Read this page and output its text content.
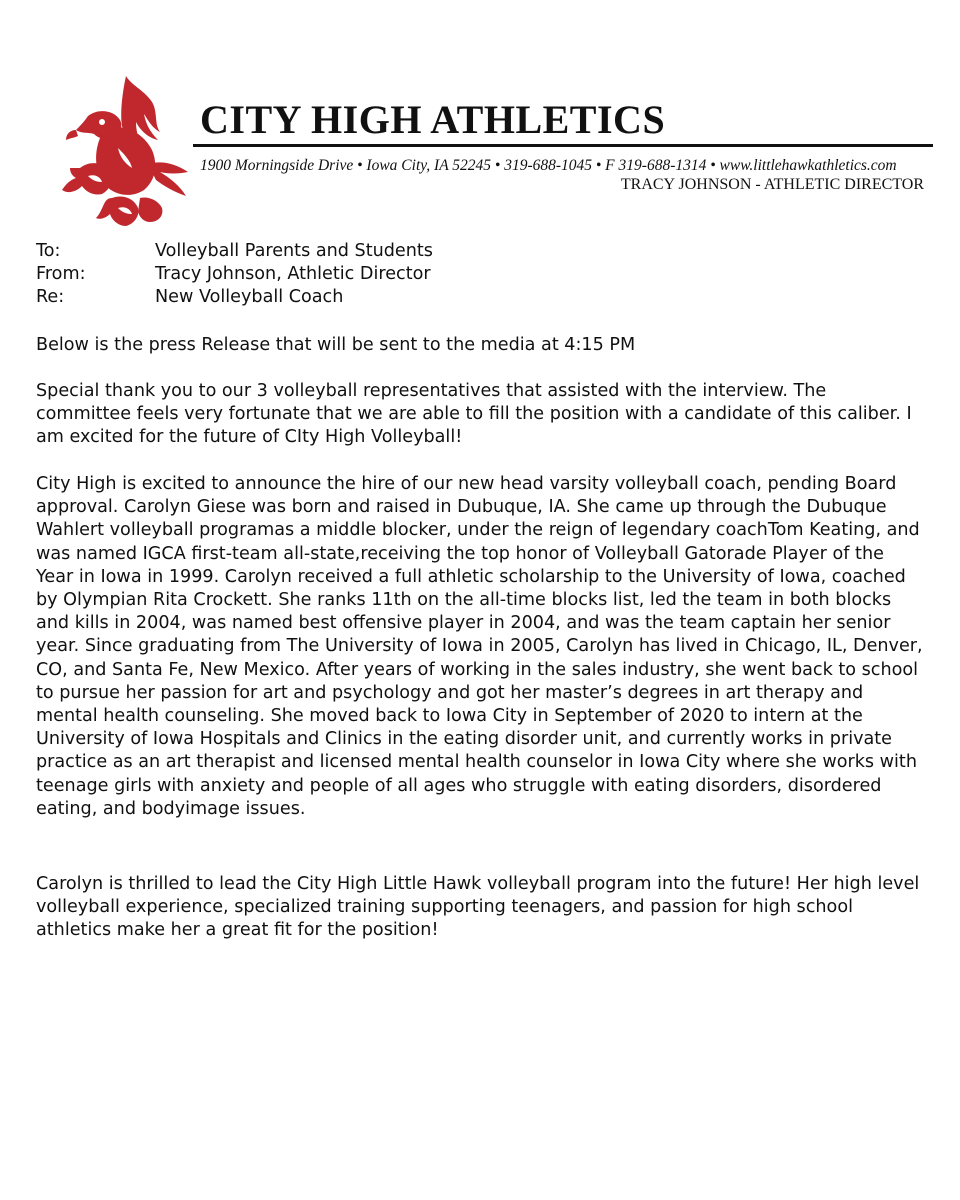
CITY HIGH ATHLETICS
1900 Morningside Drive • Iowa City, IA 52245 • 319-688-1045 • F 319-688-1314 • www.littlehawkathletics.com
TRACY JOHNSON - ATHLETIC DIRECTOR
To:	Volleyball Parents and Students
From:	Tracy Johnson, Athletic Director
Re:	New Volleyball Coach

Below is the press Release that will be sent to the media at 4:15 PM

Special thank you to our 3 volleyball representatives that assisted with the interview. The committee feels very fortunate that we are able to fill the position with a candidate of this caliber. I am excited for the future of CIty High Volleyball!

City High is excited to announce the hire of our new head varsity volleyball coach, pending Board approval. Carolyn Giese was born and raised in Dubuque, IA. She came up through the Dubuque Wahlert volleyball programas a middle blocker, under the reign of legendary coachTom Keating, and was named IGCA first-team all-state,receiving the top honor of Volleyball Gatorade Player of the Year in Iowa in 1999. Carolyn received a full athletic scholarship to the University of Iowa, coached by Olympian Rita Crockett. She ranks 11th on the all-time blocks list, led the team in both blocks and kills in 2004, was named best offensive player in 2004, and was the team captain her senior year. Since graduating from The University of Iowa in 2005, Carolyn has lived in Chicago, IL, Denver, CO, and Santa Fe, New Mexico. After years of working in the sales industry, she went back to school to pursue her passion for art and psychology and got her master’s degrees in art therapy and mental health counseling. She moved back to Iowa City in September of 2020 to intern at the University of Iowa Hospitals and Clinics in the eating disorder unit, and currently works in private practice as an art therapist and licensed mental health counselor in Iowa City where she works with teenage girls with anxiety and people of all ages who struggle with eating disorders, disordered eating, and bodyimage issues.

Carolyn is thrilled to lead the City High Little Hawk volleyball program into the future! Her high level volleyball experience, specialized training supporting teenagers, and passion for high school athletics make her a great fit for the position!
